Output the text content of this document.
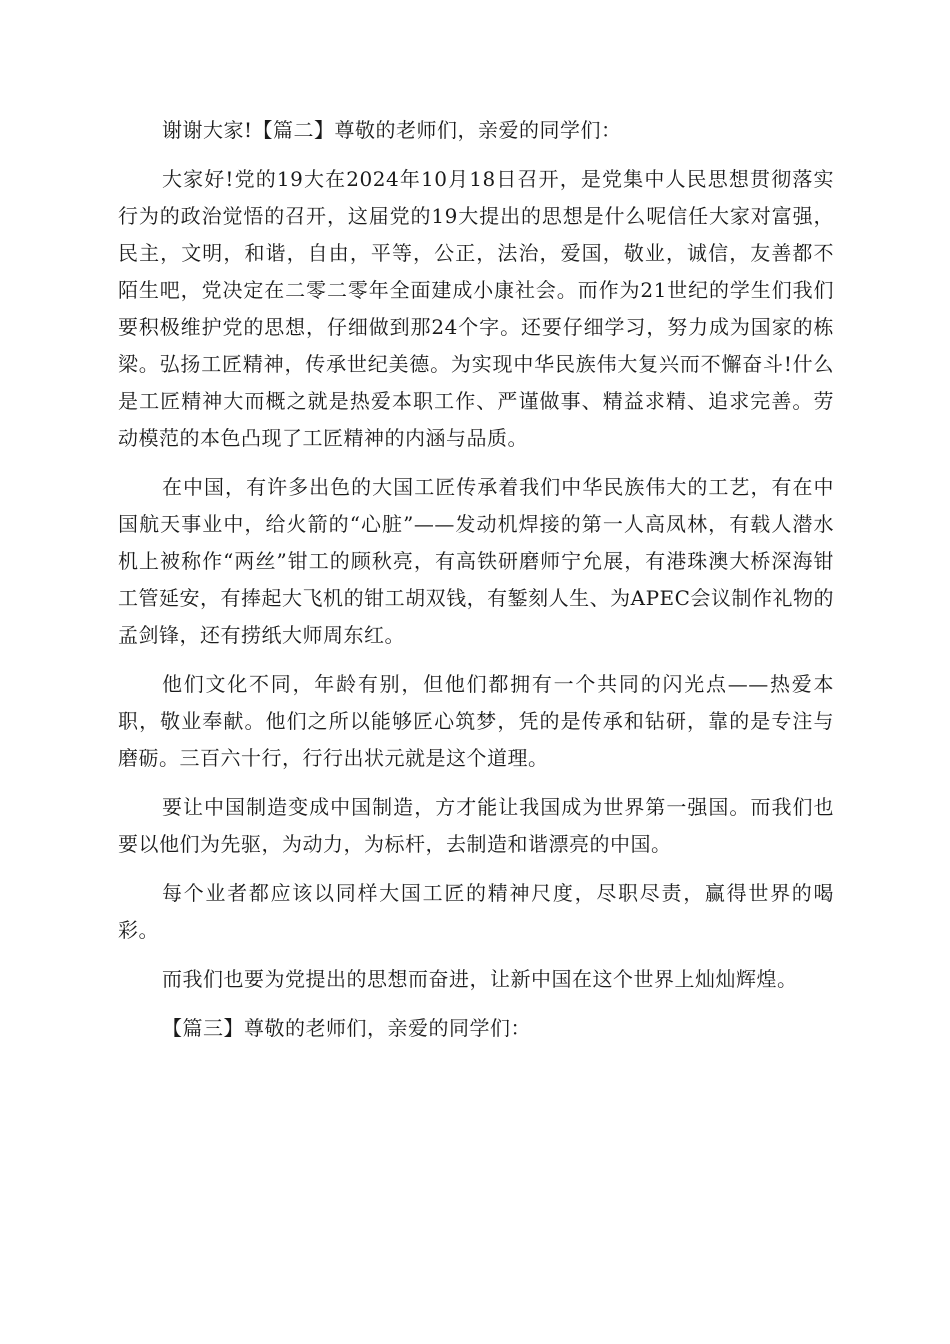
谢谢大家!【篇二】尊敬的老师们，亲爱的同学们：

大家好!党的19大在2024年10月18日召开，是党集中人民思想贯彻落实行为的政治觉悟的召开，这届党的19大提出的思想是什么呢信任大家对富强，民主，文明，和谐，自由，平等，公正，法治，爱国，敬业，诚信，友善都不陌生吧，党决定在二零二零年全面建成小康社会。而作为21世纪的学生们我们要积极维护党的思想，仔细做到那24个字。还要仔细学习，努力成为国家的栋梁。弘扬工匠精神，传承世纪美德。为实现中华民族伟大复兴而不懈奋斗!什么是工匠精神大而概之就是热爱本职工作、严谨做事、精益求精、追求完善。劳动模范的本色凸现了工匠精神的内涵与品质。

在中国，有许多出色的大国工匠传承着我们中华民族伟大的工艺，有在中国航天事业中，给火箭的“心脏”——发动机焊接的第一人高凤林，有载人潜水机上被称作“两丝”钳工的顾秋亮，有高铁研磨师宁允展，有港珠澳大桥深海钳工管延安，有捧起大飞机的钳工胡双钱，有錾刻人生、为APEC会议制作礼物的孟剑锋，还有捞纸大师周东红。

他们文化不同，年龄有别，但他们都拥有一个共同的闪光点——热爱本职，敬业奉献。他们之所以能够匠心筑梦，凭的是传承和钻研，靠的是专注与磨砺。三百六十行，行行出状元就是这个道理。

要让中国制造变成中国制造，方才能让我国成为世界第一强国。而我们也要以他们为先驱，为动力，为标杆，去制造和谐漂亮的中国。

每个业者都应该以同样大国工匠的精神尺度，尽职尽责，赢得世界的喝彩。

而我们也要为党提出的思想而奋进，让新中国在这个世界上灿灿辉煌。

【篇三】尊敬的老师们，亲爱的同学们：
